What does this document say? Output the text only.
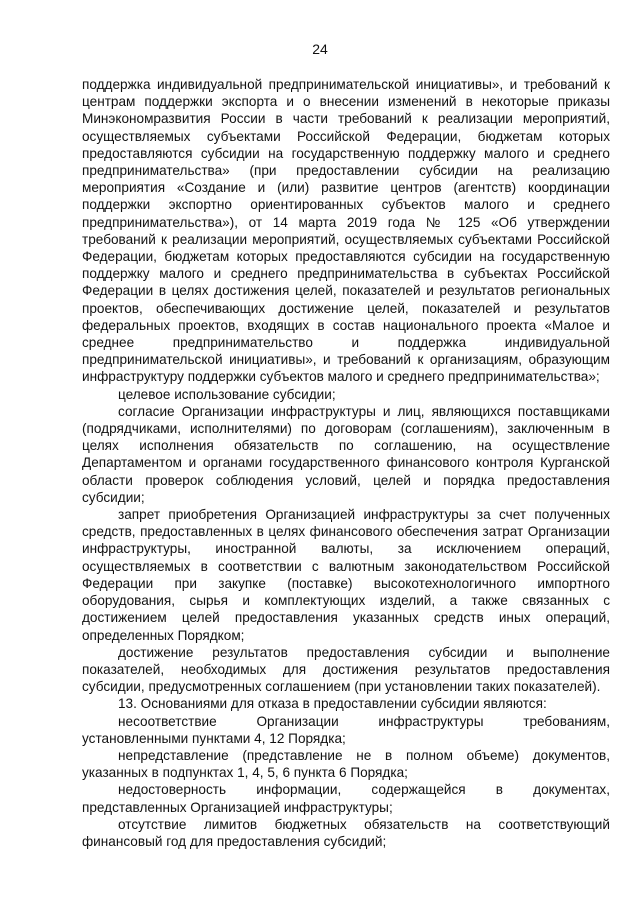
24

поддержка индивидуальной предпринимательской инициативы», и требований к центрам поддержки экспорта и о внесении изменений в некоторые приказы Минэкономразвития России в части требований к реализации мероприятий, осуществляемых субъектами Российской Федерации, бюджетам которых предоставляются субсидии на государственную поддержку малого и среднего предпринимательства» (при предоставлении субсидии на реализацию мероприятия «Создание и (или) развитие центров (агентств) координации поддержки экспортно ориентированных субъектов малого и среднего предпринимательства»), от 14 марта 2019 года № 125 «Об утверждении требований к реализации мероприятий, осуществляемых субъектами Российской Федерации, бюджетам которых предоставляются субсидии на государственную поддержку малого и среднего предпринимательства в субъектах Российской Федерации в целях достижения целей, показателей и результатов региональных проектов, обеспечивающих достижение целей, показателей и результатов федеральных проектов, входящих в состав национального проекта «Малое и среднее предпринимательство и поддержка индивидуальной предпринимательской инициативы», и требований к организациям, образующим инфраструктуру поддержки субъектов малого и среднего предпринимательства»;

целевое использование субсидии;

согласие Организации инфраструктуры и лиц, являющихся поставщиками (подрядчиками, исполнителями) по договорам (соглашениям), заключенным в целях исполнения обязательств по соглашению, на осуществление Департаментом и органами государственного финансового контроля Курганской области проверок соблюдения условий, целей и порядка предоставления субсидии;

запрет приобретения Организацией инфраструктуры за счет полученных средств, предоставленных в целях финансового обеспечения затрат Организации инфраструктуры, иностранной валюты, за исключением операций, осуществляемых в соответствии с валютным законодательством Российской Федерации при закупке (поставке) высокотехнологичного импортного оборудования, сырья и комплектующих изделий, а также связанных с достижением целей предоставления указанных средств иных операций, определенных Порядком;

достижение результатов предоставления субсидии и выполнение показателей, необходимых для достижения результатов предоставления субсидии, предусмотренных соглашением (при установлении таких показателей).

13. Основаниями для отказа в предоставлении субсидии являются:

несоответствие Организации инфраструктуры требованиям, установленными пунктами 4, 12 Порядка;

непредставление (представление не в полном объеме) документов, указанных в подпунктах 1, 4, 5, 6 пункта 6 Порядка;

недостоверность информации, содержащейся в документах, представленных Организацией инфраструктуры;

отсутствие лимитов бюджетных обязательств на соответствующий финансовый год для предоставления субсидий;
